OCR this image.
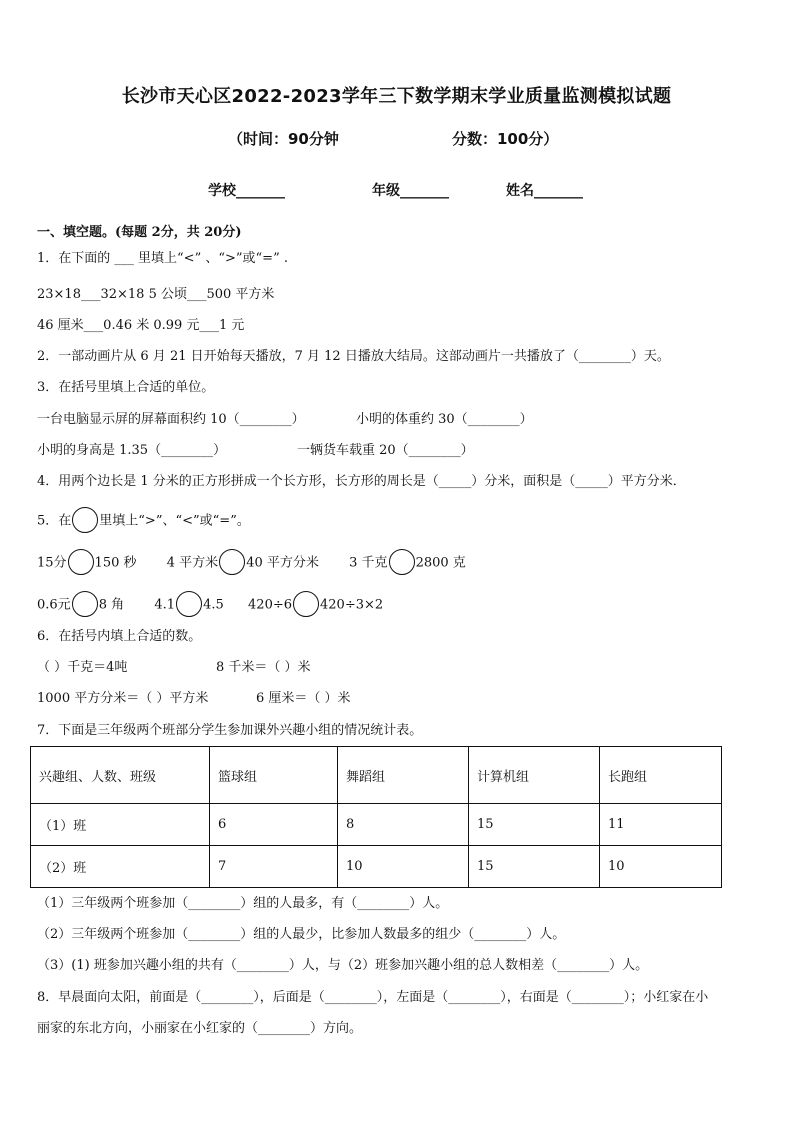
长沙市天心区2022-2023学年三下数学期末学业质量监测模拟试题
（时间：90分钟	分数：100分）
学校_______	年级_______	姓名_______
一、填空题。(每题 2分，共 20分)
1．在下面的 ___ 里填上“<” 、“>”或“=” .
23×18___32×18 5 公顷___500 平方米
46 厘米___0.46 米 0.99 元___1 元
2．一部动画片从 6 月 21 日开始每天播放，7 月 12 日播放大结局。这部动画片一共播放了（________）天。
3．在括号里填上合适的单位。
一台电脑显示屏的屏幕面积约 10（________）	小明的体重约 30（________）
小明的身高是 1.35（________）	一辆货车载重 20（________）
4．用两个边长是 1 分米的正方形拼成一个长方形，长方形的周长是（_____）分米，面积是（_____）平方分米．
5．在 里填上“>”、“<”或“=”。
15分 150 秒 4 平方米 40 平方分米 3 千克 2800 克
0.6元 8 角 4.1 4.5 420÷6 420÷3×2
6．在括号内填上合适的数。
（ ）千克＝4吨	8 千米＝（ ）米
1000 平方分米＝（ ）平方米	6 厘米＝（ ）米
7．下面是三年级两个班部分学生参加课外兴趣小组的情况统计表。
兴趣组、人数、班级	篮球组	舞蹈组	计算机组	长跑组
（1）班	6	8	15	11
（2）班	7	10	15	10
（1）三年级两个班参加（________）组的人最多，有（________）人。
（2）三年级两个班参加（________）组的人最少，比参加人数最多的组少（________）人。
（3）(1) 班参加兴趣小组的共有（________）人，与（2）班参加兴趣小组的总人数相差（________）人。
8．早晨面向太阳，前面是（________），后面是（________），左面是（________），右面是（________）；小红家在小
丽家的东北方向，小丽家在小红家的（________）方向。
